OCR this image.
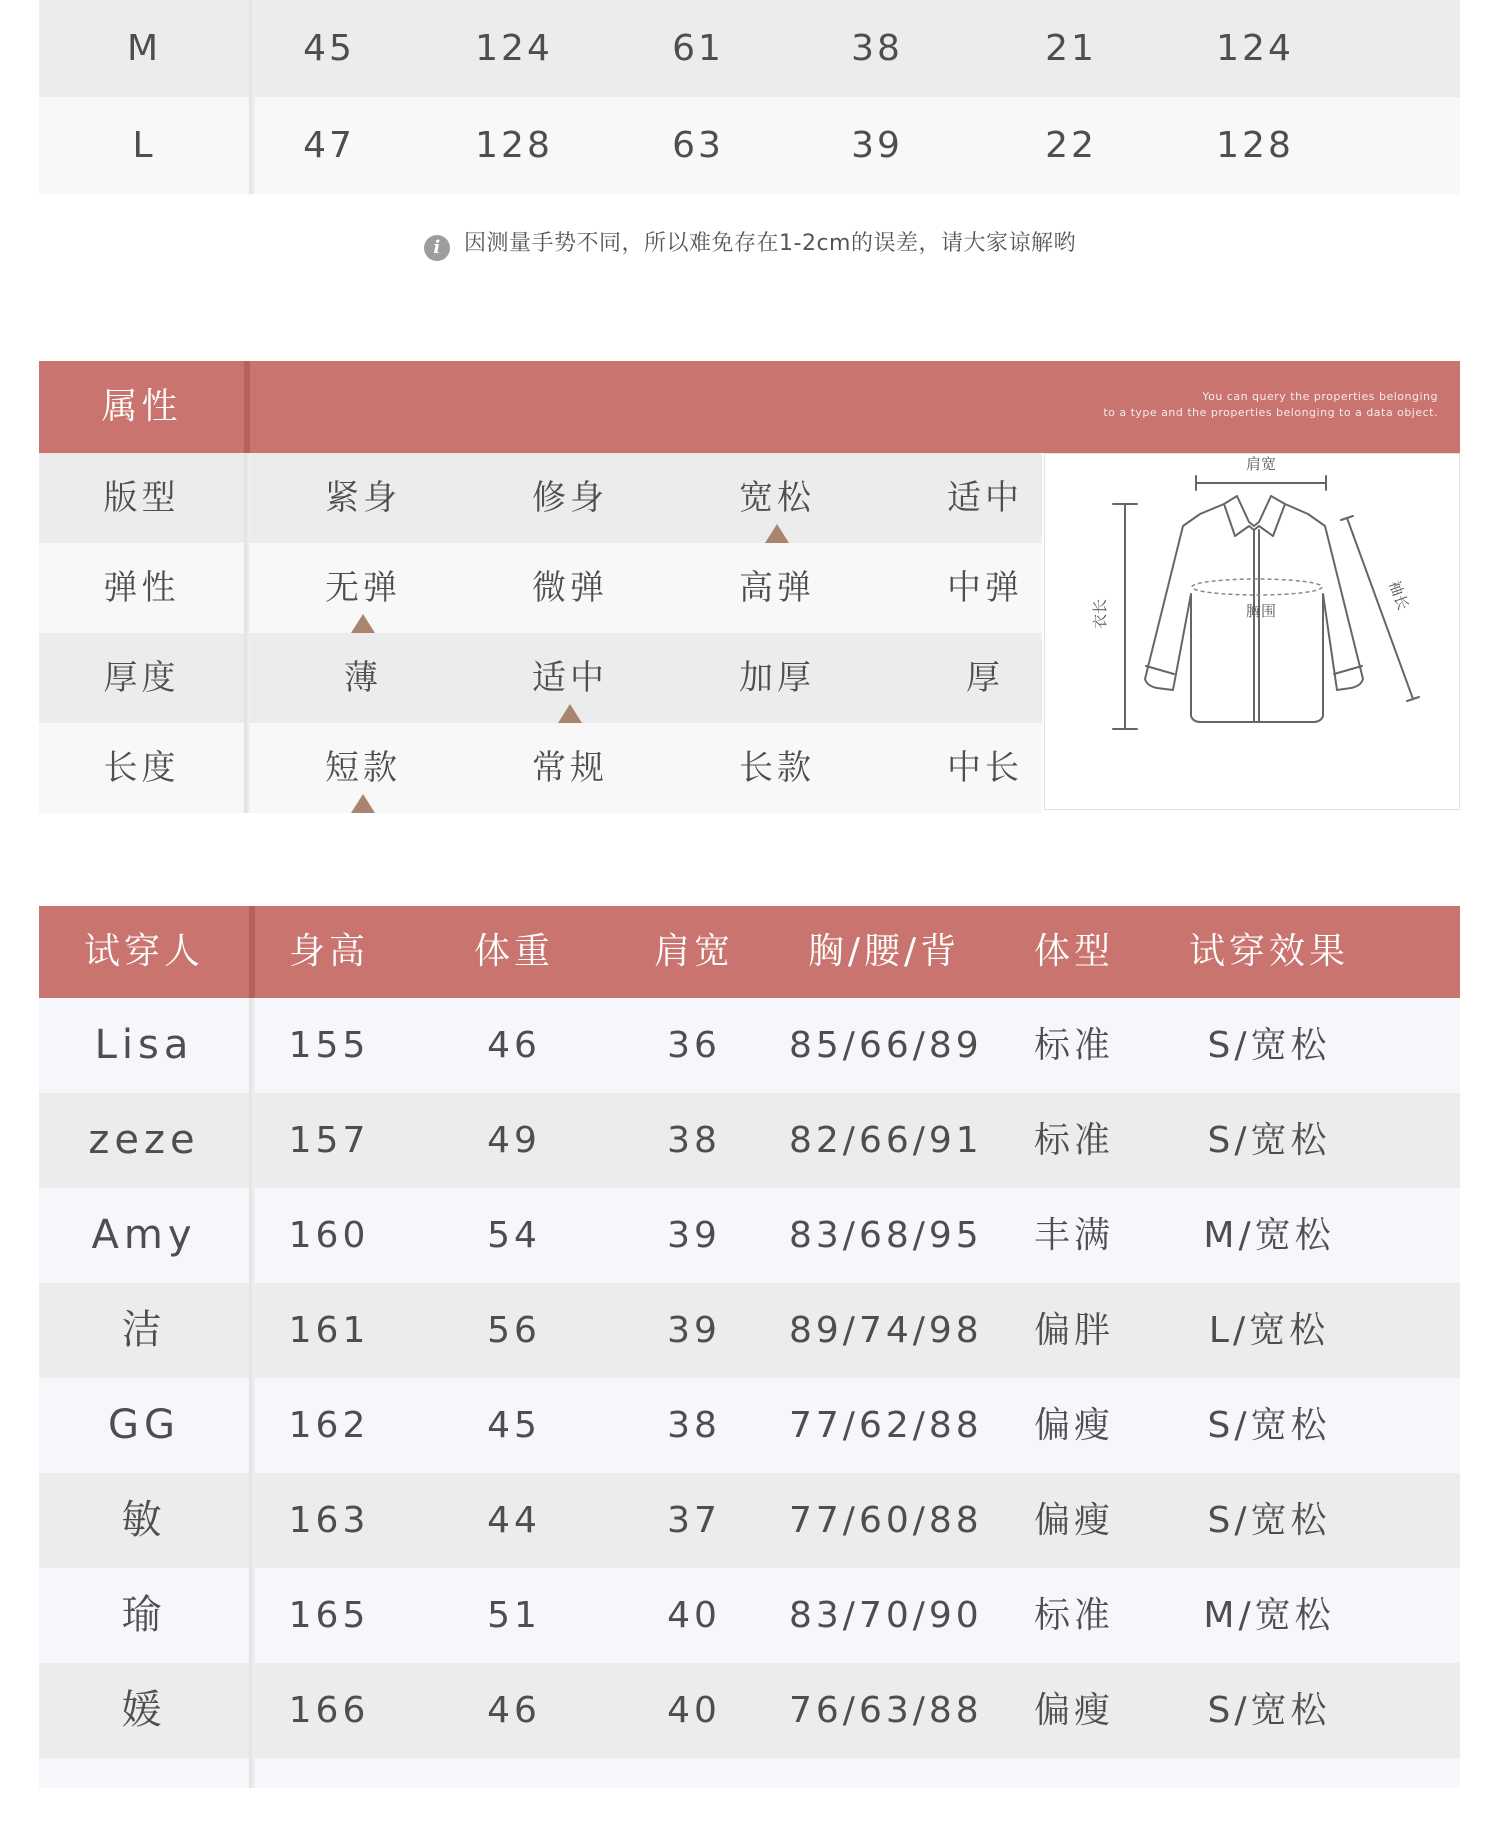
M	45	124	61	38	21	124
L	47	128	63	39	22	128
i 因测量手势不同，所以难免存在1-2cm的误差，请大家谅解哟
属性	You can query the properties belonging
to a type and the properties belonging to a data object.
版型	紧身	修身	宽松	适中
弹性	无弹	微弹	高弹	中弹
厚度	薄	适中	加厚	厚
长度	短款	常规	长款	中长
肩宽
衣长
袖长
胸围
试穿人	身高	体重	肩宽	胸/腰/背	体型	试穿效果
Lisa	155	46	36	85/66/89	标准	S/宽松
zeze	157	49	38	82/66/91	标准	S/宽松
Amy	160	54	39	83/68/95	丰满	M/宽松
洁	161	56	39	89/74/98	偏胖	L/宽松
GG	162	45	38	77/62/88	偏瘦	S/宽松
敏	163	44	37	77/60/88	偏瘦	S/宽松
瑜	165	51	40	83/70/90	标准	M/宽松
媛	166	46	40	76/63/88	偏瘦	S/宽松
